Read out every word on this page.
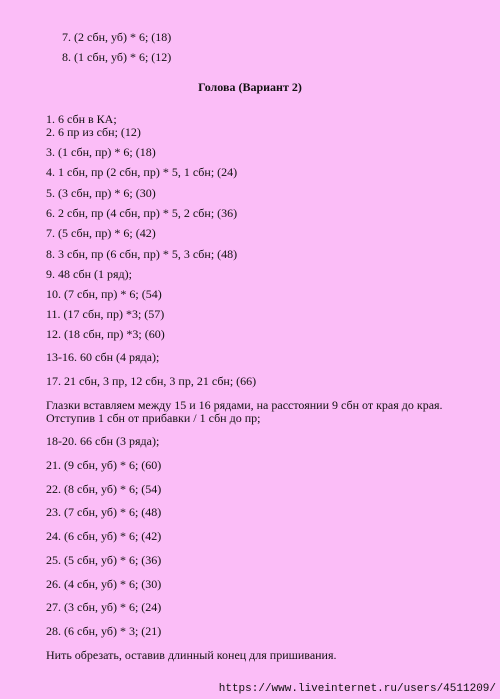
7. (2 сбн, уб) * 6; (18)
8. (1 сбн, уб) * 6; (12)
Голова (Вариант 2)
1. 6 сбн в КА;
2. 6 пр из сбн; (12)
3. (1 сбн, пр) * 6; (18)
4. 1 сбн, пр (2 сбн, пр) * 5, 1 сбн; (24)
5. (3 сбн, пр) * 6; (30)
6. 2 сбн, пр (4 сбн, пр) * 5, 2 сбн; (36)
7. (5 сбн, пр) * 6; (42)
8. 3 сбн, пр (6 сбн, пр) * 5, 3 сбн; (48)
9. 48 сбн (1 ряд);
10. (7 сбн, пр) * 6; (54)
11. (17 сбн, пр) *3; (57)
12. (18 сбн, пр) *3; (60)
13-16. 60 сбн (4 ряда);
17. 21 сбн, 3 пр, 12 сбн, 3 пр, 21 сбн; (66)
Глазки вставляем между 15 и 16 рядами, на расстоянии 9 сбн от края до края.
Отступив 1 сбн от прибавки / 1 сбн до пр;
18-20. 66 сбн (3 ряда);
21. (9 сбн, уб) * 6; (60)
22. (8 сбн, уб) * 6; (54)
23. (7 сбн, уб) * 6; (48)
24. (6 сбн, уб) * 6; (42)
25. (5 сбн, уб) * 6; (36)
26. (4 сбн, уб) * 6; (30)
27. (3 сбн, уб) * 6; (24)
28. (6 сбн, уб) * 3; (21)
Нить обрезать, оставив длинный конец для пришивания.
https://www.liveinternet.ru/users/4511209/
